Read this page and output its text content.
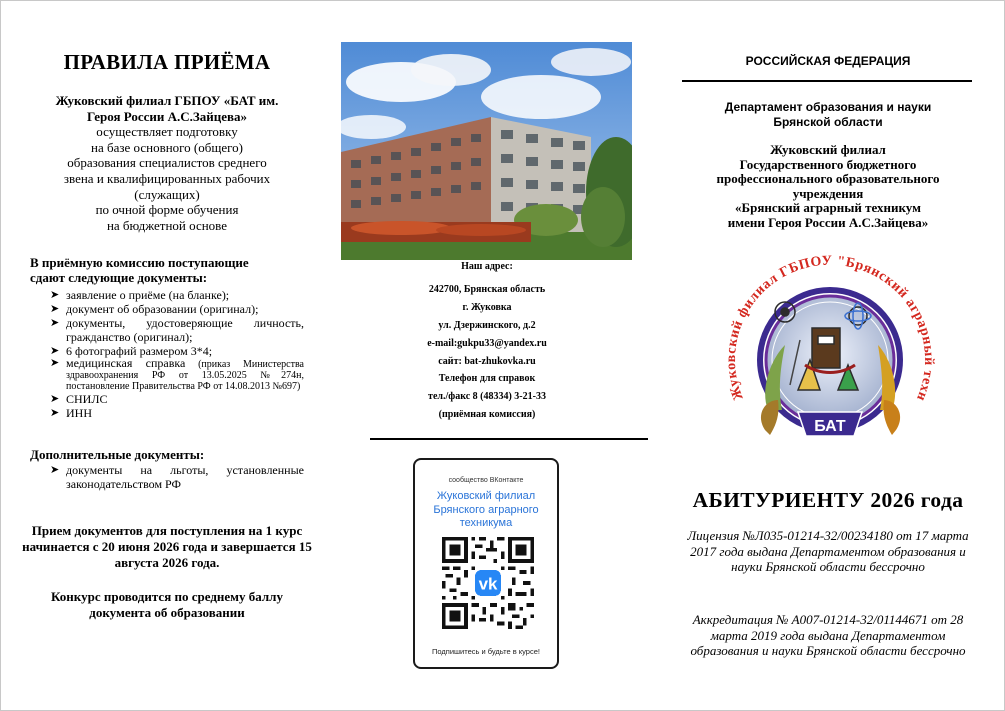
ПРАВИЛА ПРИЁМА
Жуковский филиал ГБПОУ «БАТ им.
Героя России А.С.Зайцева»
осуществляет подготовку
на базе основного (общего)
образования специалистов среднего
звена и квалифицированных рабочих
(служащих)
по очной форме обучения
на бюджетной основе
В приёмную комиссию поступающие
сдают следующие документы:
➤ заявление о приёме (на бланке);
➤ документ об образовании (оригинал);
➤ документы, удостоверяющие личность, гражданство (оригинал);
➤ 6 фотографий размером 3*4;
➤ медицинская справка (приказ Министерства здравоохранения РФ от 13.05.2025 №274н, постановление Правительства РФ от 14.08.2013 №697)
➤ СНИЛС
➤ ИНН
Дополнительные документы:
➤ документы на льготы, установленные законодательством РФ
Прием документов для поступления на 1 курс начинается с 20 июня 2026 года и завершается 15 августа 2026 года.
Конкурс проводится по среднему баллу документа об образовании
Наш адрес:
242700, Брянская область
г. Жуковка
ул. Дзержинского, д.2
e-mail:gukpu33@yandex.ru
сайт: bat-zhukovka.ru
Телефон для справок
тел./факс 8 (48334) 3-21-33
(приёмная комиссия)
сообщество ВКонтакте
Жуковский филиал
Брянского аграрного
техникума
vk
Подпишитесь и будьте в курсе!
РОССИЙСКАЯ ФЕДЕРАЦИЯ
Департамент образования и науки
Брянской области
Жуковский филиал
Государственного бюджетного
профессионального образовательного
учреждения
«Брянский аграрный техникум
имени Героя России А.С.Зайцева»
Жуковский филиал ГБПОУ "Брянский аграрный техн
БАТ
АБИТУРИЕНТУ 2026 года
Лицензия №Л035-01214-32/00234180 от 17 марта 2017 года выдана Департаментом образования и науки Брянской области бессрочно
Аккредитация № А007-01214-32/01144671 от 28 марта 2019 года выдана Департаментом образования и науки Брянской области бессрочно
